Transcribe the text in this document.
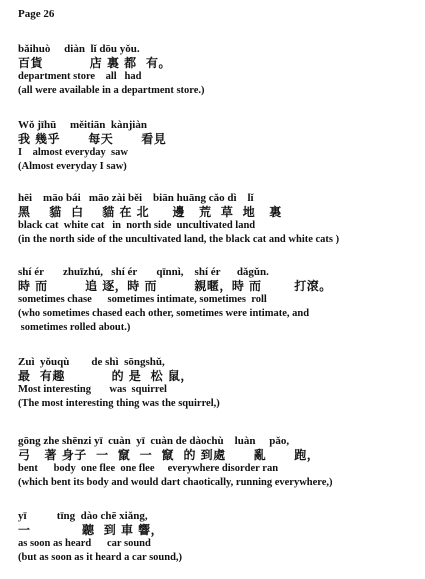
Page 26
bǎihuò     diàn  lǐ dōu yǒu.
百貨          店 裏 都  有。
department store    all   had
(all were available in a department store.)
Wǒ jīhū     měitiān  kànjiàn
我 幾乎      每天      看見
I    almost everyday  saw
(Almost everyday I saw)
hēi    māo bái   māo zài běi    biān huāng cǎo dì    lǐ
黑    貓  白    貓 在 北     邊   荒  草  地   裏
black cat  white cat   in  north side  uncultivated land
(in the north side of the uncultivated land, the black cat and white cats )
shí ér       zhuīzhú,   shí ér       qīnnì,    shí ér      dǎgǔn.
時 而        追 逐，時 而        親暱，時 而       打滾。
sometimes chase      sometimes intimate, sometimes  roll
(who sometimes chased each other, sometimes were intimate, and
sometimes rolled about.)
Zuì  yǒuqù        de shì  sōngshǔ,
最  有趣          的 是  松 鼠，
Most interesting       was  squirrel
(The most interesting thing was the squirrel,)
gōng zhe shēnzi yī  cuàn  yī  cuàn de dàochù    luàn     pǎo,
弓   著 身子  一  竄  一  竄  的 到處      亂      跑，
bent      body  one flee  one flee     everywhere disorder ran
(which bent its body and would dart chaotically, running everywhere,)
yī           tīng  dào chē xiǎng,
一           聽  到 車 響，
as soon as heard      car sound
(but as soon as it heard a car sound,)
